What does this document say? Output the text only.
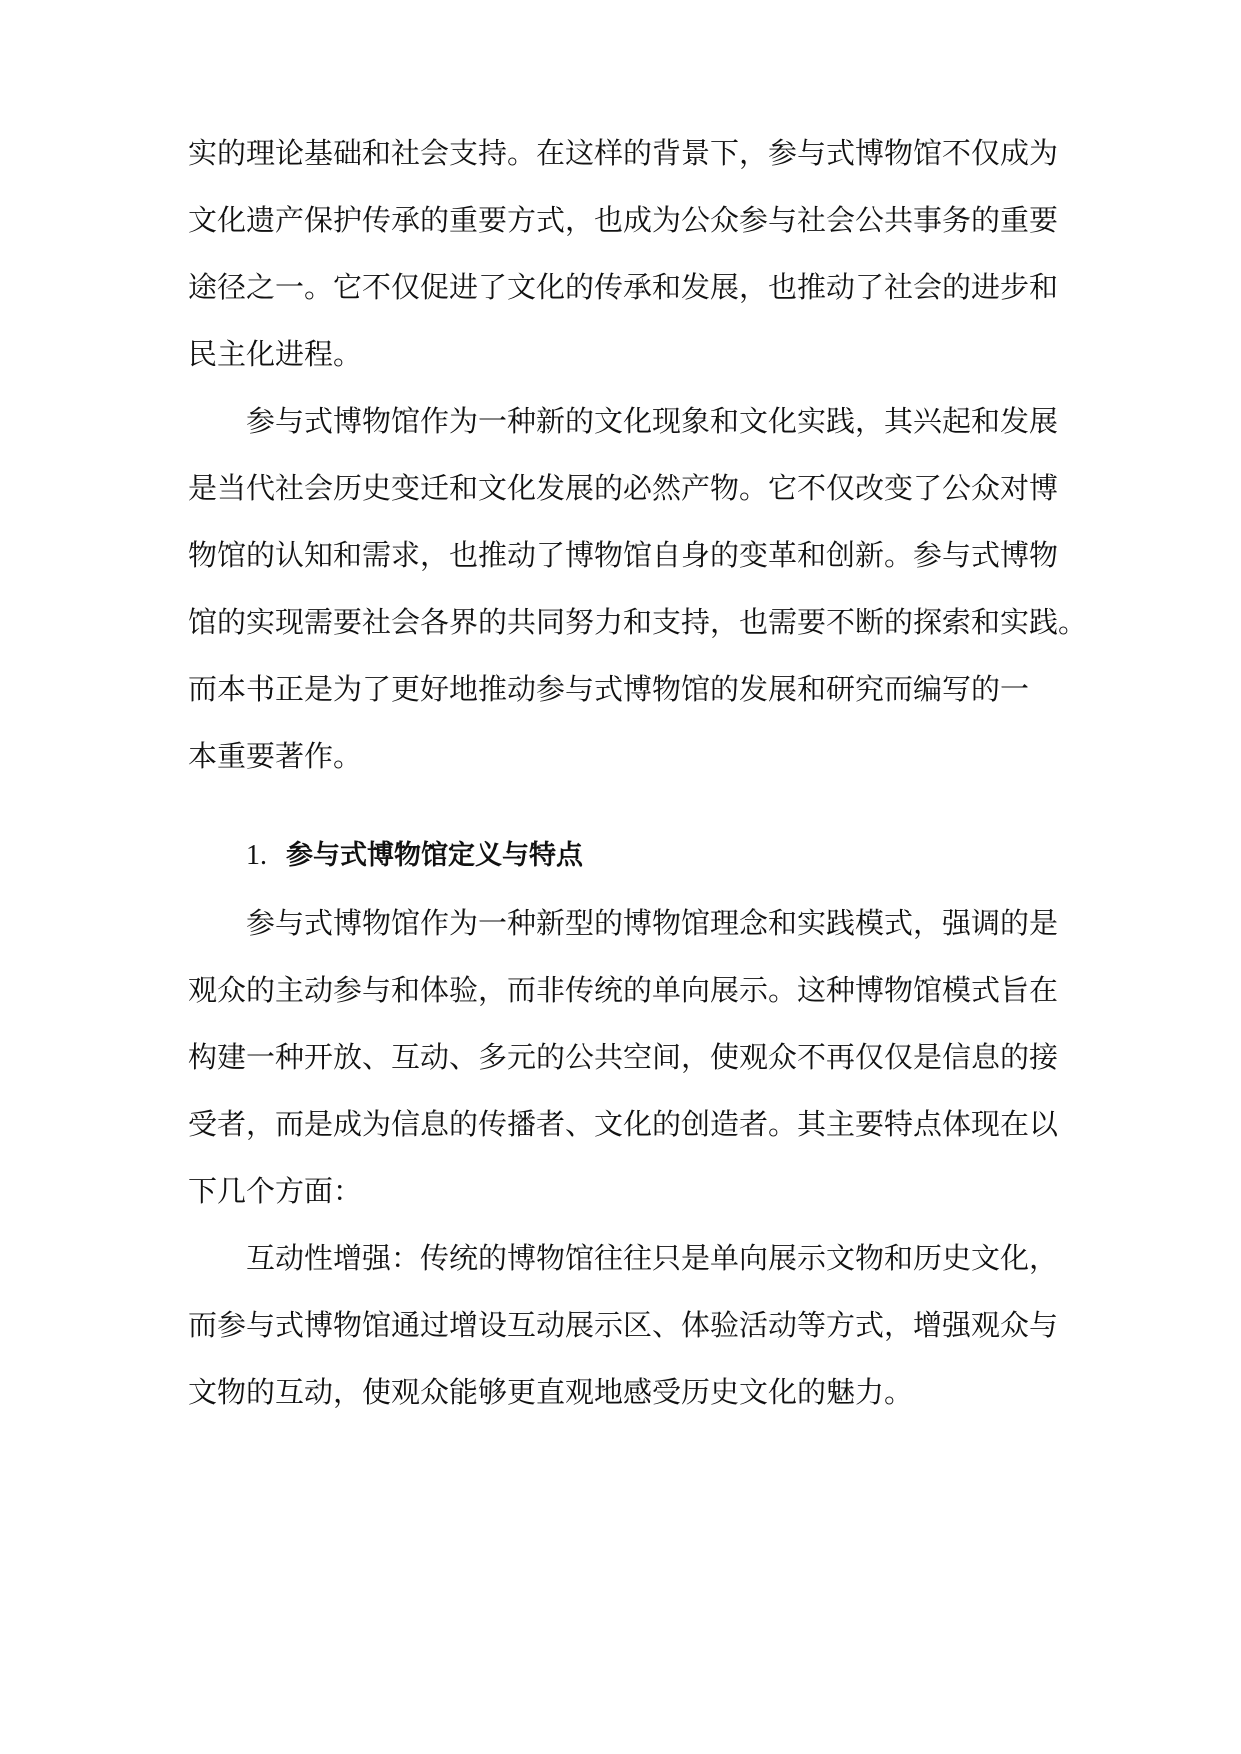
实的理论基础和社会支持。在这样的背景下，参与式博物馆不仅成为
文化遗产保护传承的重要方式，也成为公众参与社会公共事务的重要
途径之一。它不仅促进了文化的传承和发展，也推动了社会的进步和
民主化进程。
参与式博物馆作为一种新的文化现象和文化实践，其兴起和发展
是当代社会历史变迁和文化发展的必然产物。它不仅改变了公众对博
物馆的认知和需求，也推动了博物馆自身的变革和创新。参与式博物
馆的实现需要社会各界的共同努力和支持，也需要不断的探索和实践。
而本书正是为了更好地推动参与式博物馆的发展和研究而编写的一
本重要著作。
1. 参与式博物馆定义与特点
参与式博物馆作为一种新型的博物馆理念和实践模式，强调的是
观众的主动参与和体验，而非传统的单向展示。这种博物馆模式旨在
构建一种开放、互动、多元的公共空间，使观众不再仅仅是信息的接
受者，而是成为信息的传播者、文化的创造者。其主要特点体现在以
下几个方面：
互动性增强：传统的博物馆往往只是单向展示文物和历史文化，
而参与式博物馆通过增设互动展示区、体验活动等方式，增强观众与
文物的互动，使观众能够更直观地感受历史文化的魅力。
